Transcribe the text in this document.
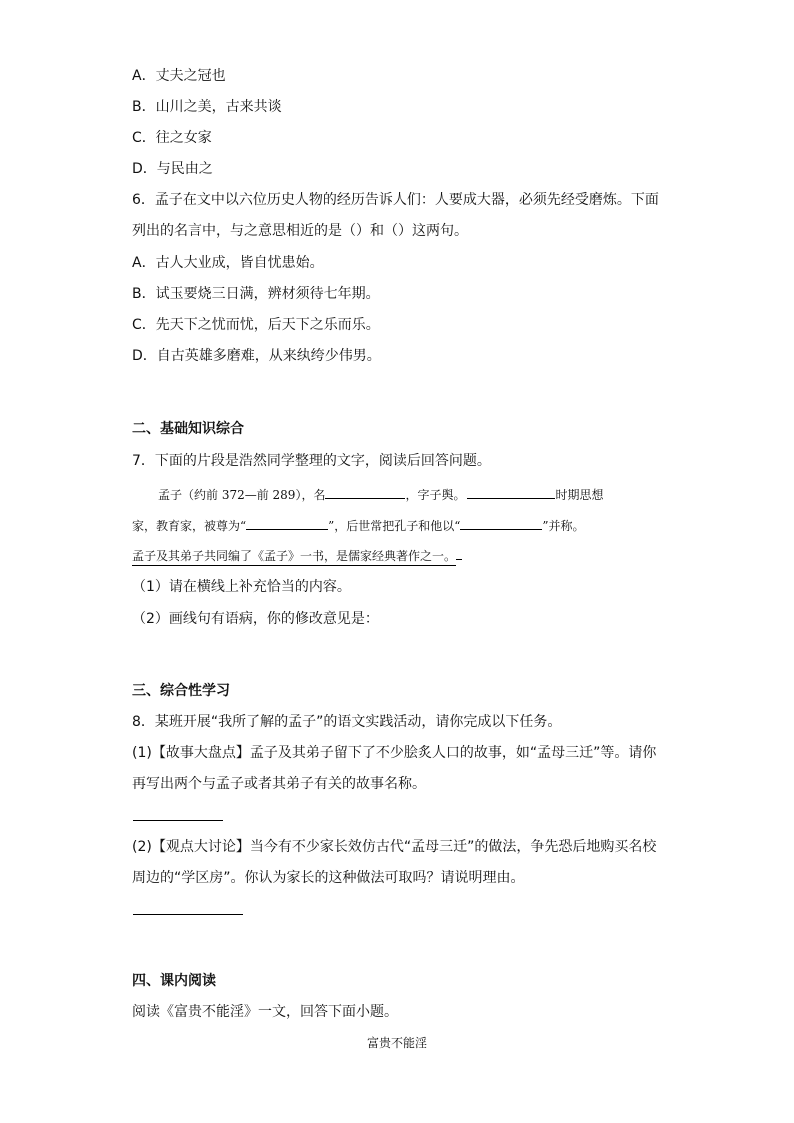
A．丈夫之冠也
B．山川之美，古来共谈
C．往之女家
D．与民由之
6．孟子在文中以六位历史人物的经历告诉人们：人要成大器，必须先经受磨炼。下面
列出的名言中，与之意思相近的是（）和（）这两句。
A．古人大业成，皆自忧患始。
B．试玉要烧三日满，辨材须待七年期。
C．先天下之忧而忧，后天下之乐而乐。
D．自古英雄多磨难，从来纨绔少伟男。
二、基础知识综合
7．下面的片段是浩然同学整理的文字，阅读后回答问题。
孟子（约前 372—前 289），名	，字子舆。	时期思想
家，教育家，被尊为“	”，后世常把孔子和他以“	”并称。
孟子及其弟子共同编了《孟子》一书，是儒家经典著作之一。
（1）请在横线上补充恰当的内容。
（2）画线句有语病，你的修改意见是：
三、综合性学习
8．某班开展“我所了解的孟子”的语文实践活动，请你完成以下任务。
(1)【故事大盘点】孟子及其弟子留下了不少脍炙人口的故事，如“孟母三迁”等。请你
再写出两个与孟子或者其弟子有关的故事名称。
(2)【观点大讨论】当今有不少家长效仿古代“孟母三迁”的做法，争先恐后地购买名校
周边的“学区房”。你认为家长的这种做法可取吗？请说明理由。
四、课内阅读
阅读《富贵不能淫》一文，回答下面小题。
富贵不能淫
